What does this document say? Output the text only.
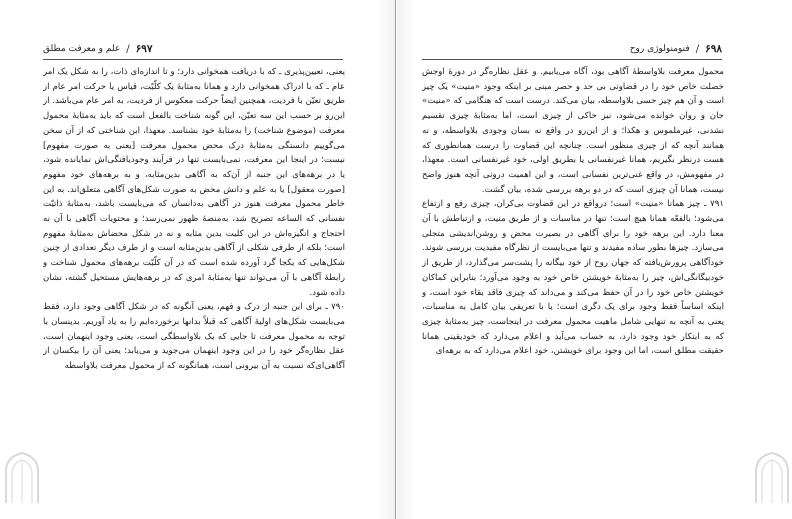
۶۹۷
/
علم و معرفت مطلق

یعنی، تعیین‌پذیری ـ که با دریافت همخوانی دارد؛ و تا اندازه‌ای ذات، را به شکل یک امر عام ـ که با ادراک همخوانی دارد و همانا به‌مثابهٔ یک کلّیّت، قیاس یا حرکت امر عام از طریق تعیّن با فردیت، همچنین ایضاً حرکت معکوس از فردیت، به امر عام می‌باشد. از این‌رو بر حسب این سه تعیّن، این گونه شناخت بالفعل است که باید به‌مثابهٔ محمول معرفت (موضوع شناخت) را به‌مثابهٔ خود بشناسد. معهذا، این شناختی که از آن سخن می‌گوییم دانستگی به‌مثابهٔ درک محض محمول معرفت [یعنی به صورت مفهوم] نیست؛ در اینجا این معرفت، نمی‌بایست تنها در فرآیند وجودیافتگی‌اش نمایانده شود، یا در برهه‌های این جنبه از آن‌که به آگاهی بدین‌مثابه، و به برهه‌های خود مفهوم [صورت معقول] یا به علم و دانش محض به صورت شکل‌های آگاهی متعلق‌اند. به این خاطر محمول معرفت هنوز در آگاهی به‌دانسان که می‌بایست باشد، به‌مثابهٔ ذاتیّت نفسانی که الساعه تصریح شد، به‌منصهٔ ظهور نمی‌رسد؛ و محتویات آگاهی با آن نه احتجاج و انگیزه‌اش در این کلیت بدین مثابه و نه در شکل محضاش به‌مثابهٔ مفهوم است؛ بلکه از طرفی شکلی از آگاهی بدین‌مثابه است و از طرف دیگر تعدادی از چنین شکل‌هایی که یکجا گرد آورده شده است که در آن کلّیّت برهه‌های محمول شناخت و رابطهٔ آگاهی با آن می‌تواند تنها به‌مثابهٔ امری که در برهه‌هایش مستحیل گشته، نشان داده شود.

۷۹۰ ـ برای این جنبه از درک و فهم، یعنی آنگونه که در شکل آگاهی وجود دارد، فقط می‌بایست شکل‌های اولیهٔ آگاهی که قبلاً بدانها برخورده‌ایم را به یاد آوریم. بدینسان با توجه به محمول معرفت تا جایی که یک بلاواسطگی است، یعنی وجود اینهمان است، عقل نظاره‌گر خود را در این وجود اینهمان می‌جوید و می‌یابد؛ یعنی آن را بیکسان از آگاهی‌ای‌که نسبت به آن بیرونی است، همانگونه که از محمول معرفت بلاواسطه

۶۹۸
/
فنومنولوژی روح

محمول معرفت بلاواسطهٔ آگاهی بود، آگاه می‌یابیم. و عقل نظاره‌گر در دورهٔ اوجش خصلت خاص خود را در قضاوتی بی حد و حصر مبنی بر اینکه وجود «منیت» یک چیز است و آن هم چیز حسی بلاواسطه، بیان می‌کند. درست است که هنگامی که «منیت» جان و روان خوانده می‌شود، نیز حاکی از چیزی است، اما به‌مثابهٔ چیزی تقسیم نشدنی، غیرملموس و هکذا؛ و از این‌رو در واقع نه بسان وجودی بلاواسطه، و نه همانند آنچه که از چیزی منظور است. چنانچه این قضاوت را درست همانطوری که هست درنظر بگیریم، همانا غیرنفسانی یا بطریق اولی، خود غیرنفسانی است. معهذا، در مفهومش، در واقع غنی‌ترین نفسانی است، و این اهمیت درونی آنچه هنوز واضح نیست، همانا آن چیزی است که در دو برهه بررسی شده، بیان گشت.

۷۹۱ ـ چیز همانا «منیت» است؛ درواقع در این قضاوت بی‌کران، چیزی رفع و ارتفاع می‌شود؛ بالفعّه همانا هیچ است؛ تنها در مناسبات و از طریق منیت، و ارتباطش با آن معنا دارد. این برهه خود را برای آگاهی در بصیرت محض و روشن‌اندیشی متجلی می‌سازد. چیزها بطور ساده مفیدند و تنها می‌بایست از نظرگاه مفیدیت بررسی شوند. خودآگاهی پرورش‌یافته که جهان روح از خود بیگانه را پشت‌سر می‌گذارد، از طریق از خودبیگانگی‌اش، چیز را به‌مثابهٔ خویشتن خاص خود به وجود می‌آورد؛ بنابراین کماکان خویشتن خاص خود را در آن حفظ می‌کند و می‌داند که چیزی فاقد بقاء خود است، و اینکه اساساً فقط وجود برای یک دگری است؛ یا با تعریفی بیان کامل به مناسبات، یعنی به آنچه به تنهایی شامل ماهیت محمول معرفت در اینجاست، چیز به‌مثابهٔ چیزی که به ابتکار خود وجود دارد، به حساب می‌آید و اعلام می‌دارد که خودیقینی همانا حقیقت مطلق است، اما این وجود برای خویشتن، خود اعلام می‌دارد که به برهه‌ای
